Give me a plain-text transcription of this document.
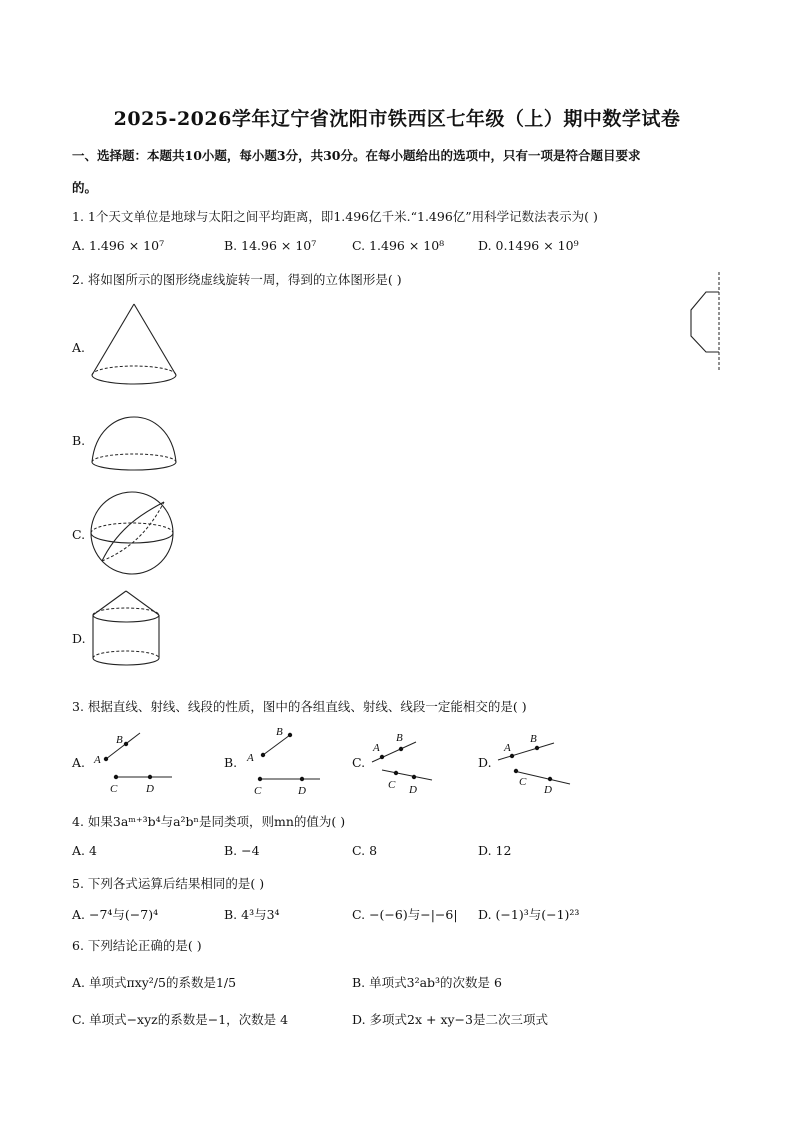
2025-2026学年辽宁省沈阳市铁西区七年级（上）期中数学试卷
一、选择题：本题共10小题，每小题3分，共30分。在每小题给出的选项中，只有一项是符合题目要求
的。
1. 1个天文单位是地球与太阳之间平均距离，即1.496亿千米.“1.496亿”用科学记数法表示为( )
A. 1.496 × 10⁷	B. 14.96 × 10⁷	C. 1.496 × 10⁸	D. 0.1496 × 10⁹
2. 将如图所示的图形绕虚线旋转一周，得到的立体图形是( )
A.
B.
C.
D.
3. 根据直线、射线、线段的性质，图中的各组直线、射线、线段一定能相交的是( )
A. A
B
C	D
B. A
B
C	D
C.
A
B
C D
D.
A
B
C
D
4. 如果3aᵐ⁺³b⁴与a²bⁿ是同类项，则mn的值为( )
A. 4	B. −4	C. 8	D. 12
5. 下列各式运算后结果相同的是( )
A. −7⁴与(−7)⁴	B. 4³与3⁴	C. −(−6)与−|−6| D. (−1)³与(−1)²³
6. 下列结论正确的是( )
A. 单项式πxy²/5的系数是1/5	B. 单项式3²ab³的次数是 6
C. 单项式−xyz的系数是−1，次数是 4	D. 多项式2x + xy−3是二次三项式
